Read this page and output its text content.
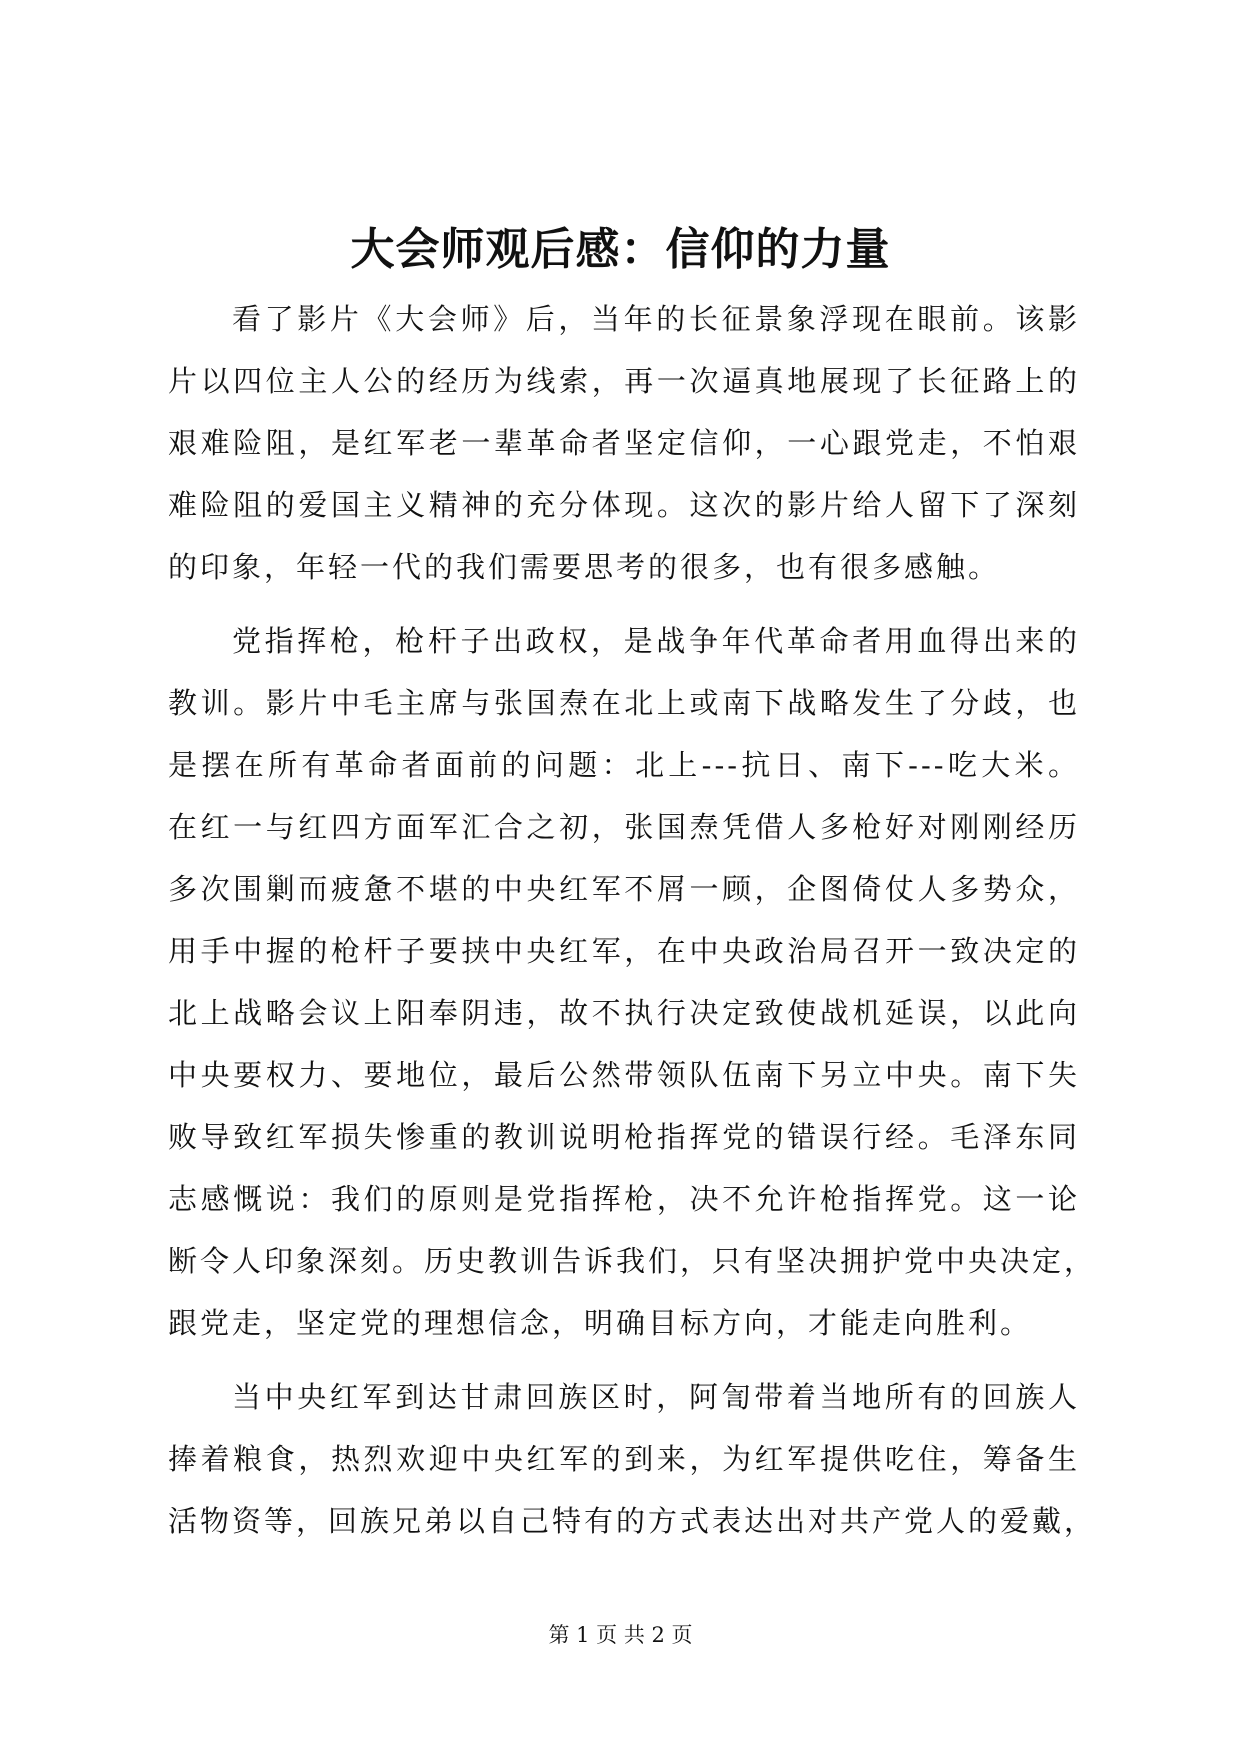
大会师观后感：信仰的力量

看了影片《大会师》后，当年的长征景象浮现在眼前。该影
片以四位主人公的经历为线索，再一次逼真地展现了长征路上的
艰难险阻，是红军老一辈革命者坚定信仰，一心跟党走，不怕艰
难险阻的爱国主义精神的充分体现。这次的影片给人留下了深刻
的印象，年轻一代的我们需要思考的很多，也有很多感触。

党指挥枪，枪杆子出政权，是战争年代革命者用血得出来的
教训。影片中毛主席与张国焘在北上或南下战略发生了分歧，也
是摆在所有革命者面前的问题：北上---抗日、南下---吃大米。
在红一与红四方面军汇合之初，张国焘凭借人多枪好对刚刚经历
多次围剿而疲惫不堪的中央红军不屑一顾，企图倚仗人多势众，
用手中握的枪杆子要挟中央红军，在中央政治局召开一致决定的
北上战略会议上阳奉阴违，故不执行决定致使战机延误，以此向
中央要权力、要地位，最后公然带领队伍南下另立中央。南下失
败导致红军损失惨重的教训说明枪指挥党的错误行经。毛泽东同
志感慨说：我们的原则是党指挥枪，决不允许枪指挥党。这一论
断令人印象深刻。历史教训告诉我们，只有坚决拥护党中央决定，
跟党走，坚定党的理想信念，明确目标方向，才能走向胜利。

当中央红军到达甘肃回族区时，阿訇带着当地所有的回族人
捧着粮食，热烈欢迎中央红军的到来，为红军提供吃住，筹备生
活物资等，回族兄弟以自己特有的方式表达出对共产党人的爱戴，

第 1 页 共 2 页
